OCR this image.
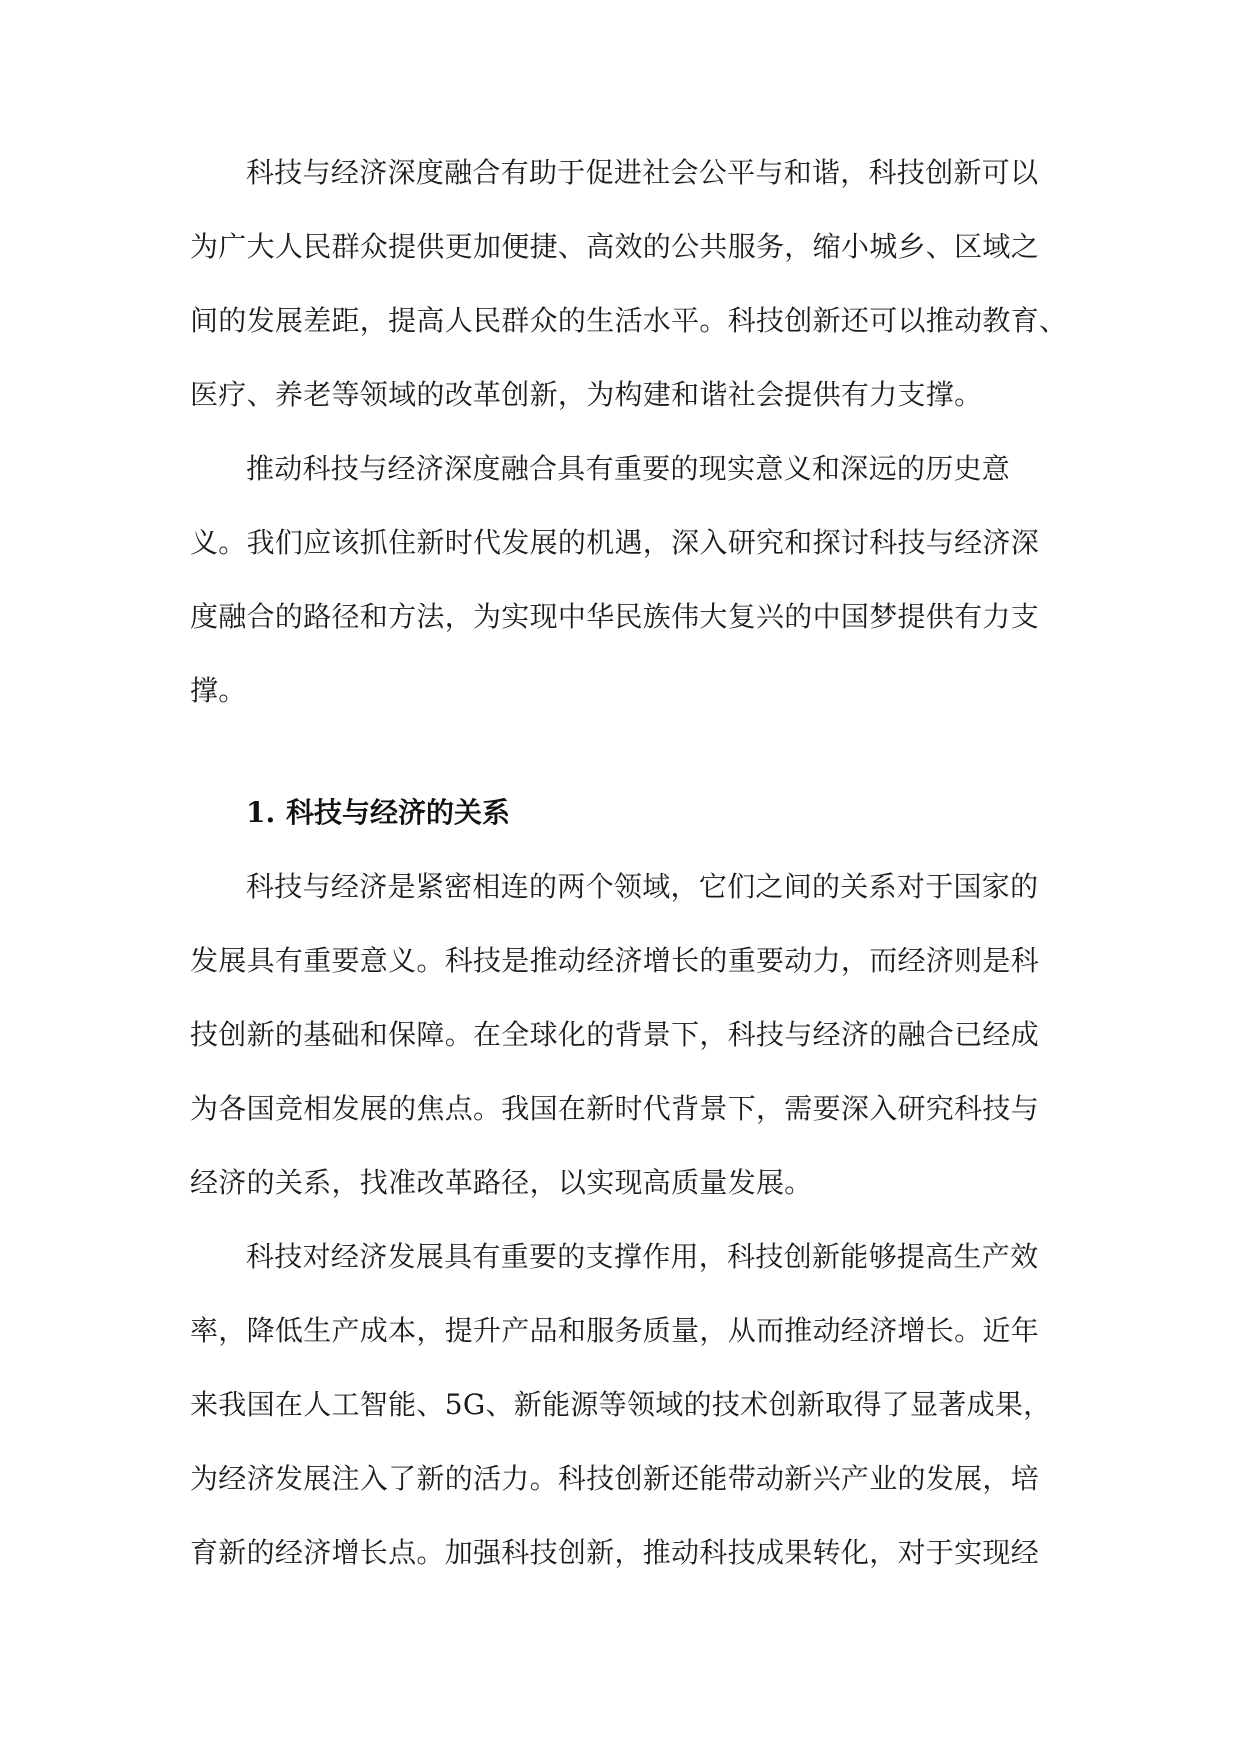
科技与经济深度融合有助于促进社会公平与和谐，科技创新可以
为广大人民群众提供更加便捷、高效的公共服务，缩小城乡、区域之
间的发展差距，提高人民群众的生活水平。科技创新还可以推动教育、
医疗、养老等领域的改革创新，为构建和谐社会提供有力支撑。
推动科技与经济深度融合具有重要的现实意义和深远的历史意
义。我们应该抓住新时代发展的机遇，深入研究和探讨科技与经济深
度融合的路径和方法，为实现中华民族伟大复兴的中国梦提供有力支
撑。
1. 科技与经济的关系
科技与经济是紧密相连的两个领域，它们之间的关系对于国家的
发展具有重要意义。科技是推动经济增长的重要动力，而经济则是科
技创新的基础和保障。在全球化的背景下，科技与经济的融合已经成
为各国竞相发展的焦点。我国在新时代背景下，需要深入研究科技与
经济的关系，找准改革路径，以实现高质量发展。
科技对经济发展具有重要的支撑作用，科技创新能够提高生产效
率，降低生产成本，提升产品和服务质量，从而推动经济增长。近年
来我国在人工智能、5G、新能源等领域的技术创新取得了显著成果，
为经济发展注入了新的活力。科技创新还能带动新兴产业的发展，培
育新的经济增长点。加强科技创新，推动科技成果转化，对于实现经
